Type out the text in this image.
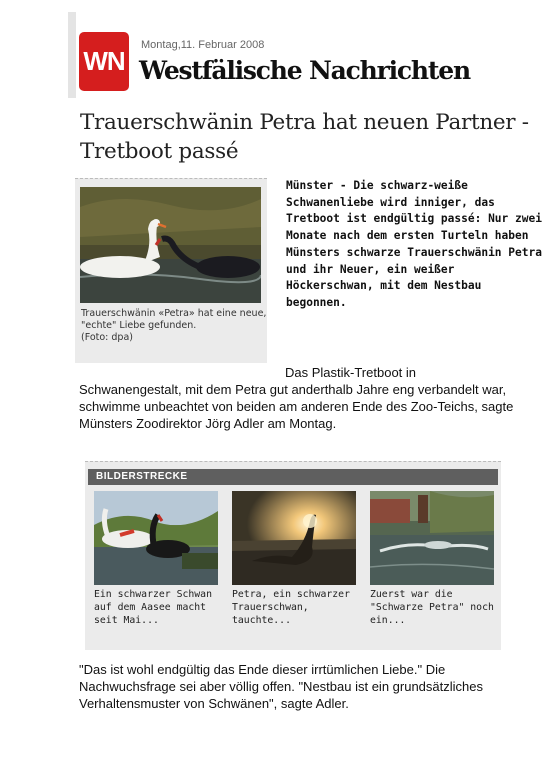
WN
Montag,11. Februar 2008
Westfälische Nachrichten
Trauerschwänin Petra hat neuen Partner - Tretboot passé

Trauerschwänin «Petra» hat eine neue, "echte" Liebe gefunden.
(Foto: dpa)

Münster - Die schwarz-weiße Schwanenliebe wird inniger, das Tretboot ist endgültig passé: Nur zwei Monate nach dem ersten Turteln haben Münsters schwarze Trauerschwänin Petra und ihr Neuer, ein weißer Höckerschwan, mit dem Nestbau begonnen.

Das Plastik-Tretboot in

Schwanengestalt, mit dem Petra gut anderthalb Jahre eng verbandelt war, schwimme unbeachtet von beiden am anderen Ende des Zoo-Teichs, sagte Münsters Zoodirektor Jörg Adler am Montag.

BILDERSTRECKE

Ein schwarzer Schwan auf dem Aasee macht seit Mai...

Petra, ein schwarzer Trauerschwan, tauchte...

Zuerst war die "Schwarze Petra" noch ein...

"Das ist wohl endgültig das Ende dieser irrtümlichen Liebe." Die Nachwuchsfrage sei aber völlig offen. "Nestbau ist ein grundsätzliches Verhaltensmuster von Schwänen", sagte Adler.
